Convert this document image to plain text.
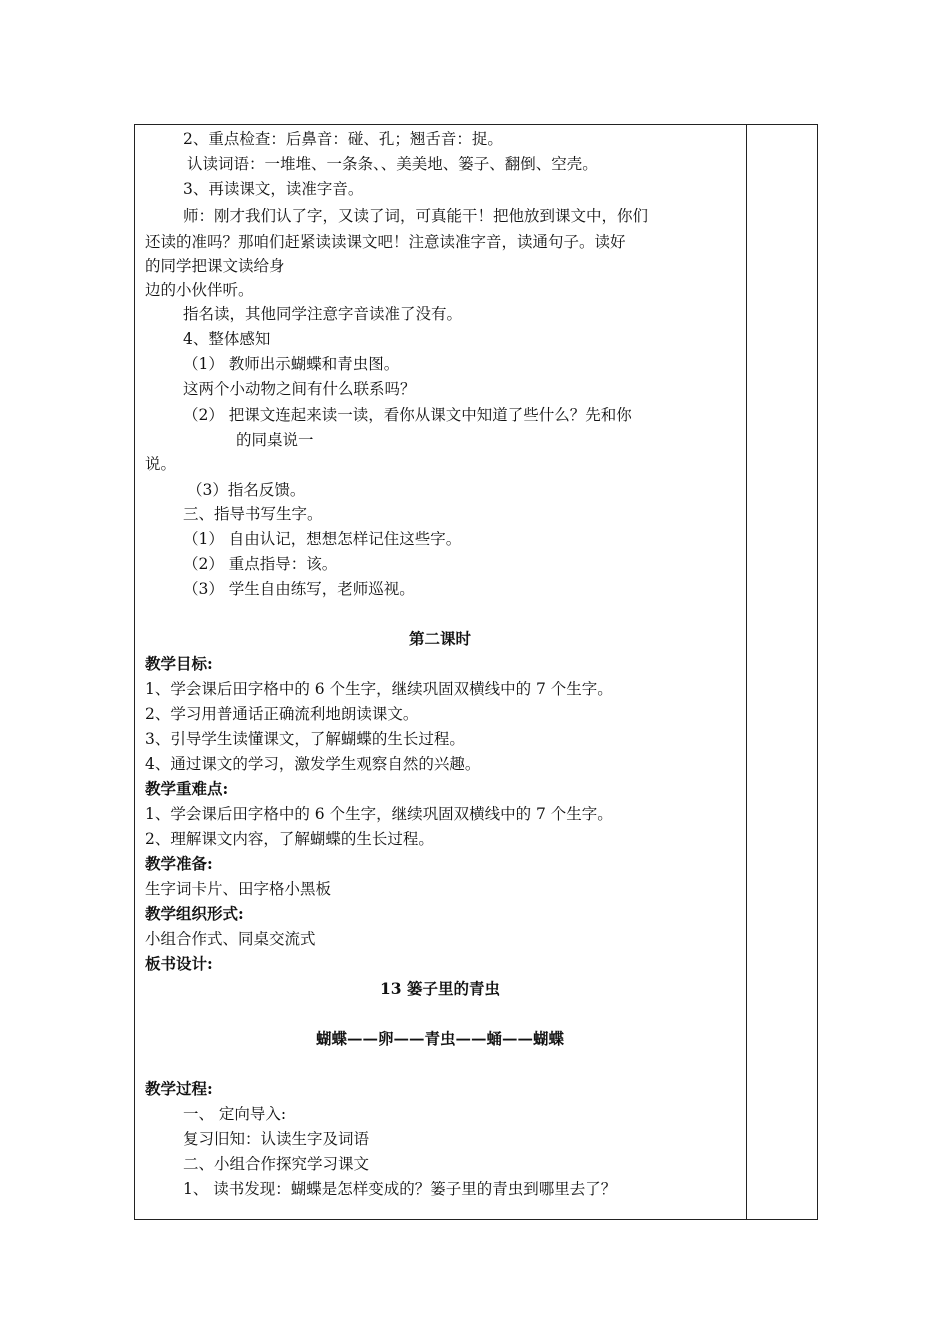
2、重点检查：后鼻音：碰、孔；翘舌音：捉。
认读词语：一堆堆、一条条、、美美地、篓子、翻倒、空壳。
3、再读课文，读准字音。
师：刚才我们认了字，又读了词，可真能干！把他放到课文中，你们
还读的准吗？那咱们赶紧读读课文吧！注意读准字音，读通句子。读好
的同学把课文读给身
边的小伙伴听。
指名读，其他同学注意字音读准了没有。
4、整体感知
（1） 教师出示蝴蝶和青虫图。
这两个小动物之间有什么联系吗？
（2） 把课文连起来读一读，看你从课文中知道了些什么？先和你
的同桌说一
说。
（3）指名反馈。
三、指导书写生字。
（1） 自由认记，想想怎样记住这些字。
（2） 重点指导：该。
（3） 学生自由练写，老师巡视。
第二课时
教学目标:
1、学会课后田字格中的 6 个生字，继续巩固双横线中的 7 个生字。
2、学习用普通话正确流利地朗读课文。
3、引导学生读懂课文，了解蝴蝶的生长过程。
4、通过课文的学习，激发学生观察自然的兴趣。
教学重难点:
1、学会课后田字格中的 6 个生字，继续巩固双横线中的 7 个生字。
2、理解课文内容，了解蝴蝶的生长过程。
教学准备:
生字词卡片、田字格小黑板
教学组织形式:
小组合作式、同桌交流式
板书设计:
13 篓子里的青虫
蝴蝶——卵——青虫——蛹——蝴蝶
教学过程:
一、 定向导入:
复习旧知：认读生字及词语
二、小组合作探究学习课文
1、 读书发现：蝴蝶是怎样变成的？篓子里的青虫到哪里去了？
